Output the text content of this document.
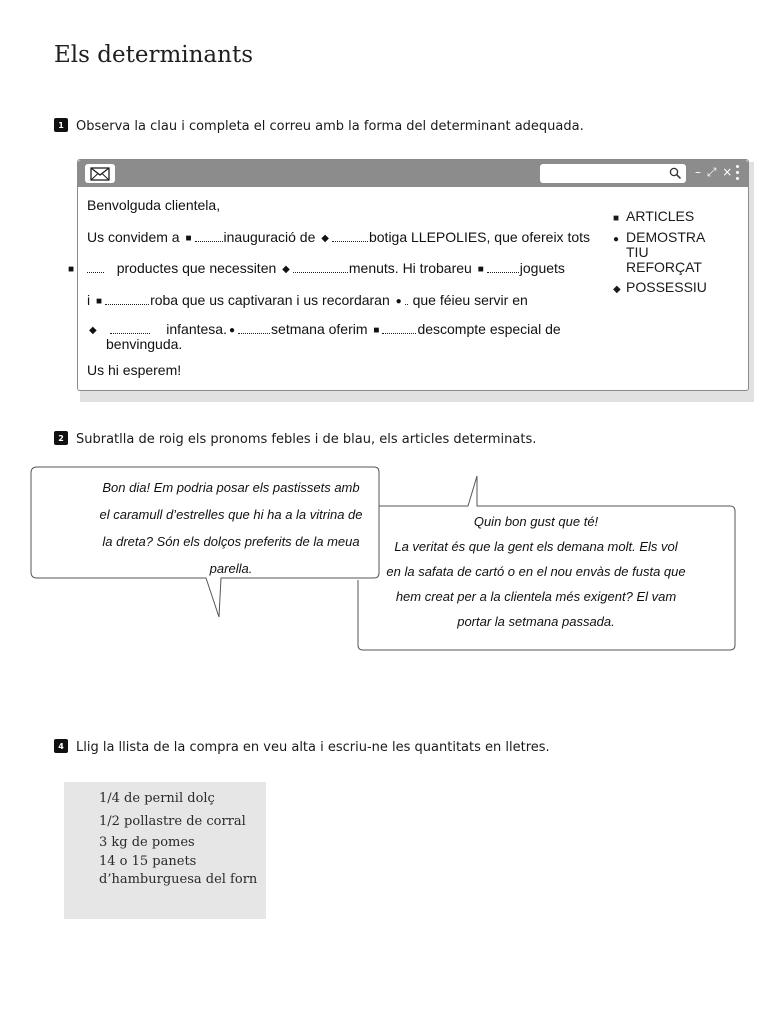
Els determinants
1 Observa la clau i completa el correu amb la forma del determinant adequada.
– ⤢ ×
Benvolguda clientela,
Us convidem a ■ inauguració de ◆	botiga LLEPOLIES, que ofereix tots
■	productes que necessiten ◆	menuts. Hi trobareu ■	joguets
i ■	roba que us captivaran i us recordaran ● que féieu servir en
◆	infantesa. ●	setmana oferim ■	descompte especial de
benvinguda.
Us hi esperem!
■ ARTICLES
● DEMOSTRA TIU REFORÇAT
◆ POSSESSIU
2 Subratlla de roig els pronoms febles i de blau, els articles determinats.
Bon dia! Em podria posar els pastissets amb
el caramull d’estrelles que hi ha a la vitrina de
la dreta? Són els dolços preferits de la meua
parella.
Quin bon gust que té!
La veritat és que la gent els demana molt. Els vol
en la safata de cartó o en el nou envàs de fusta que
hem creat per a la clientela més exigent? El vam
portar la setmana passada.
4 Llig la llista de la compra en veu alta i escriu-ne les quantitats en lletres.
1/4 de pernil dolç
1/2 pollastre de corral
3 kg de pomes
14 o 15 panets
d’hamburguesa del forn
